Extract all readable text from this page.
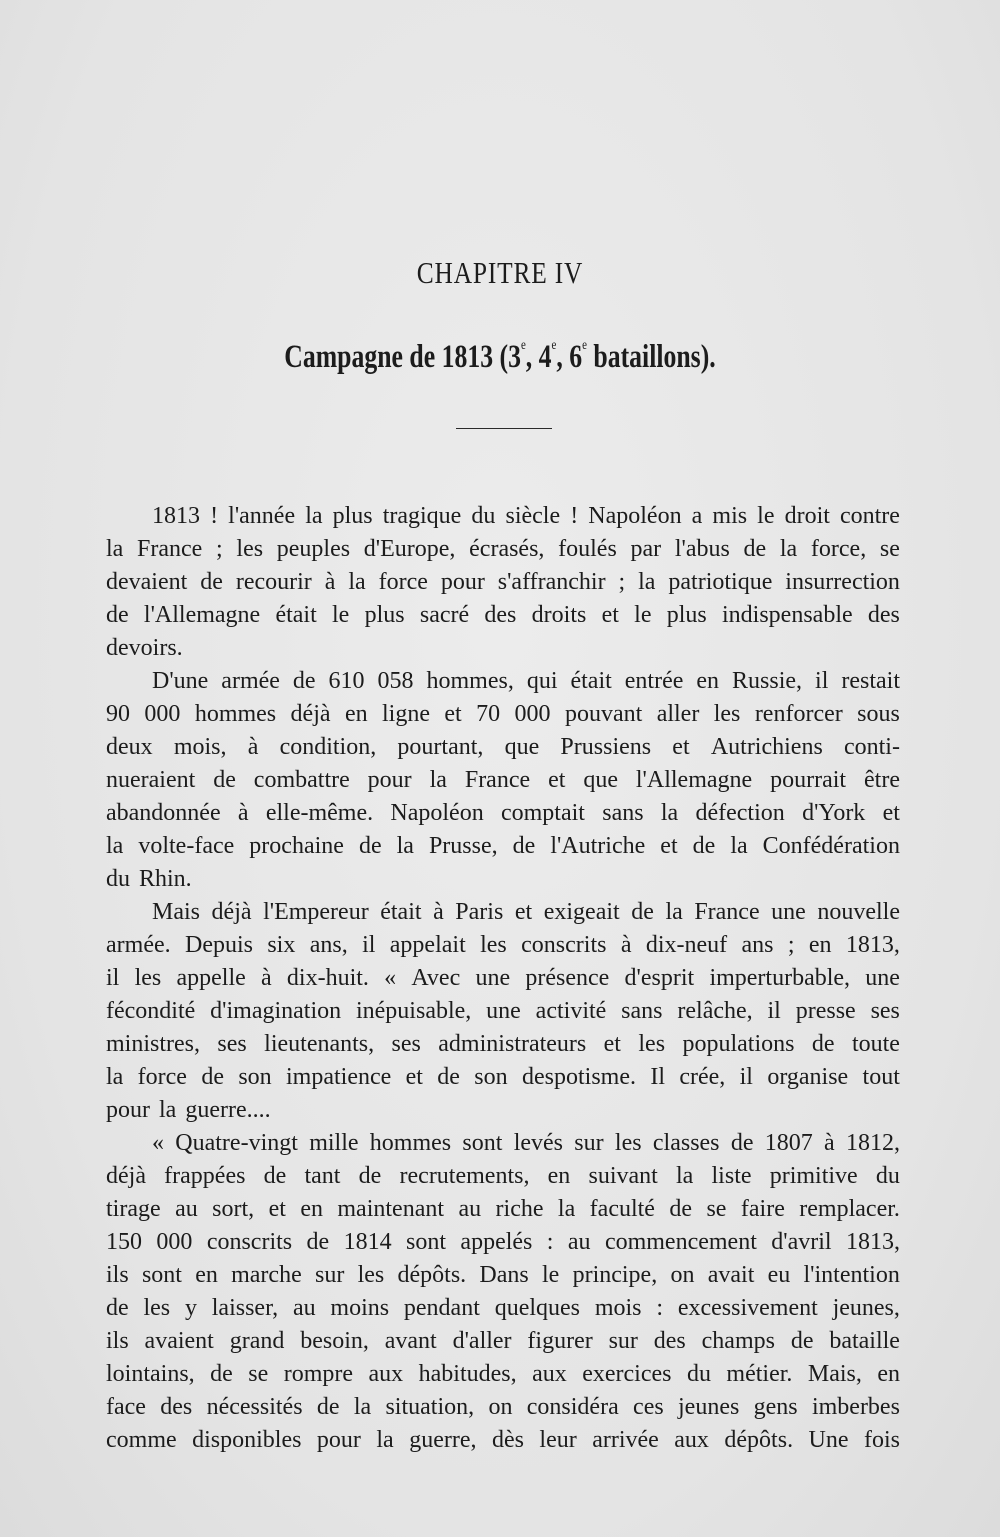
CHAPITRE IV
Campagne de 1813 (3e, 4e, 6e bataillons).
1813 ! l'année la plus tragique du siècle ! Napoléon a mis le droit contre
la France ; les peuples d'Europe, écrasés, foulés par l'abus de la force, se
devaient de recourir à la force pour s'affranchir ; la patriotique insurrection
de l'Allemagne était le plus sacré des droits et le plus indispensable des
devoirs.
D'une armée de 610 058 hommes, qui était entrée en Russie, il restait
90 000 hommes déjà en ligne et 70 000 pouvant aller les renforcer sous
deux mois, à condition, pourtant, que Prussiens et Autrichiens conti-
nueraient de combattre pour la France et que l'Allemagne pourrait être
abandonnée à elle-même. Napoléon comptait sans la défection d'York et
la volte-face prochaine de la Prusse, de l'Autriche et de la Confédération
du Rhin.
Mais déjà l'Empereur était à Paris et exigeait de la France une nouvelle
armée. Depuis six ans, il appelait les conscrits à dix-neuf ans ; en 1813,
il les appelle à dix-huit. « Avec une présence d'esprit imperturbable, une
fécondité d'imagination inépuisable, une activité sans relâche, il presse ses
ministres, ses lieutenants, ses administrateurs et les populations de toute
la force de son impatience et de son despotisme. Il crée, il organise tout
pour la guerre....
« Quatre-vingt mille hommes sont levés sur les classes de 1807 à 1812,
déjà frappées de tant de recrutements, en suivant la liste primitive du
tirage au sort, et en maintenant au riche la faculté de se faire remplacer.
150 000 conscrits de 1814 sont appelés : au commencement d'avril 1813,
ils sont en marche sur les dépôts. Dans le principe, on avait eu l'intention
de les y laisser, au moins pendant quelques mois : excessivement jeunes,
ils avaient grand besoin, avant d'aller figurer sur des champs de bataille
lointains, de se rompre aux habitudes, aux exercices du métier. Mais, en
face des nécessités de la situation, on considéra ces jeunes gens imberbes
comme disponibles pour la guerre, dès leur arrivée aux dépôts. Une fois
